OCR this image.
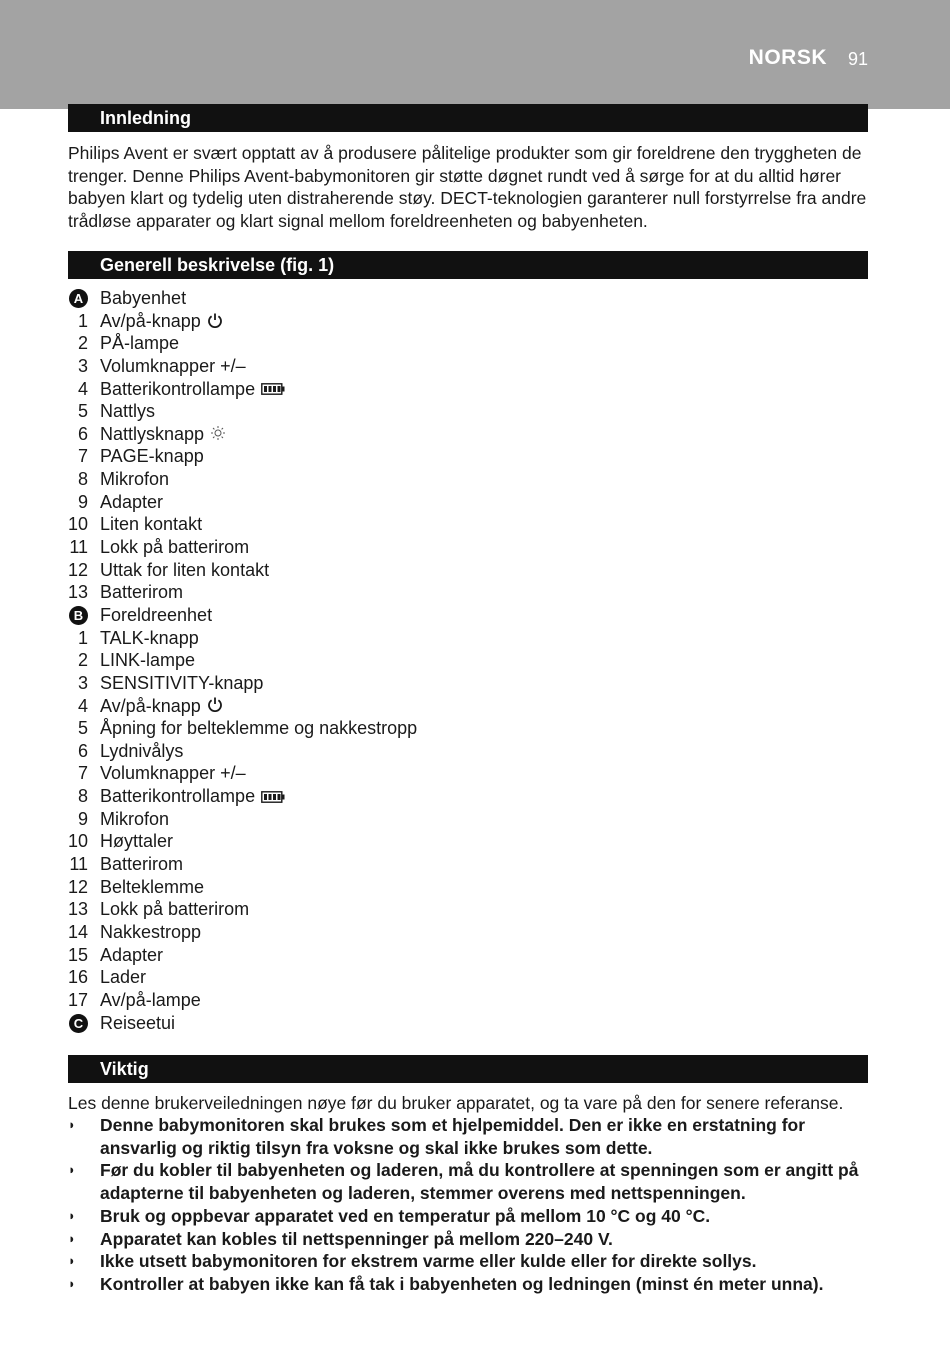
NORSK 91
Innledning

Philips Avent er svært opptatt av å produsere pålitelige produkter som gir foreldrene den tryggheten de trenger. Denne Philips Avent-babymonitoren gir støtte døgnet rundt ved å sørge for at du alltid hører babyen klart og tydelig uten distraherende støy. DECT-teknologien garanterer null forstyrrelse fra andre trådløse apparater og klart signal mellom foreldreenheten og babyenheten.

Generell beskrivelse (fig. 1)
A Babyenhet
1 Av/på-knapp
2 PÅ-lampe
3 Volumknapper +/–
4 Batterikontrollampe
5 Nattlys
6 Nattlysknapp
7 PAGE-knapp
8 Mikrofon
9 Adapter
10 Liten kontakt
11 Lokk på batterirom
12 Uttak for liten kontakt
13 Batterirom
B Foreldreenhet
1 TALK-knapp
2 LINK-lampe
3 SENSITIVITY-knapp
4 Av/på-knapp
5 Åpning for belteklemme og nakkestropp
6 Lydnivålys
7 Volumknapper +/–
8 Batterikontrollampe
9 Mikrofon
10 Høyttaler
11 Batterirom
12 Belteklemme
13 Lokk på batterirom
14 Nakkestropp
15 Adapter
16 Lader
17 Av/på-lampe
C Reiseetui
Viktig

Les denne brukerveiledningen nøye før du bruker apparatet, og ta vare på den for senere referanse.

◗ Denne babymonitoren skal brukes som et hjelpemiddel. Den er ikke en erstatning for ansvarlig og riktig tilsyn fra voksne og skal ikke brukes som dette.
◗ Før du kobler til babyenheten og laderen, må du kontrollere at spenningen som er angitt på adapterne til babyenheten og laderen, stemmer overens med nettspenningen.
◗ Bruk og oppbevar apparatet ved en temperatur på mellom 10 °C og 40 °C.
◗ Apparatet kan kobles til nettspenninger på mellom 220–240 V.
◗ Ikke utsett babymonitoren for ekstrem varme eller kulde eller for direkte sollys.
◗ Kontroller at babyen ikke kan få tak i babyenheten og ledningen (minst én meter unna).
